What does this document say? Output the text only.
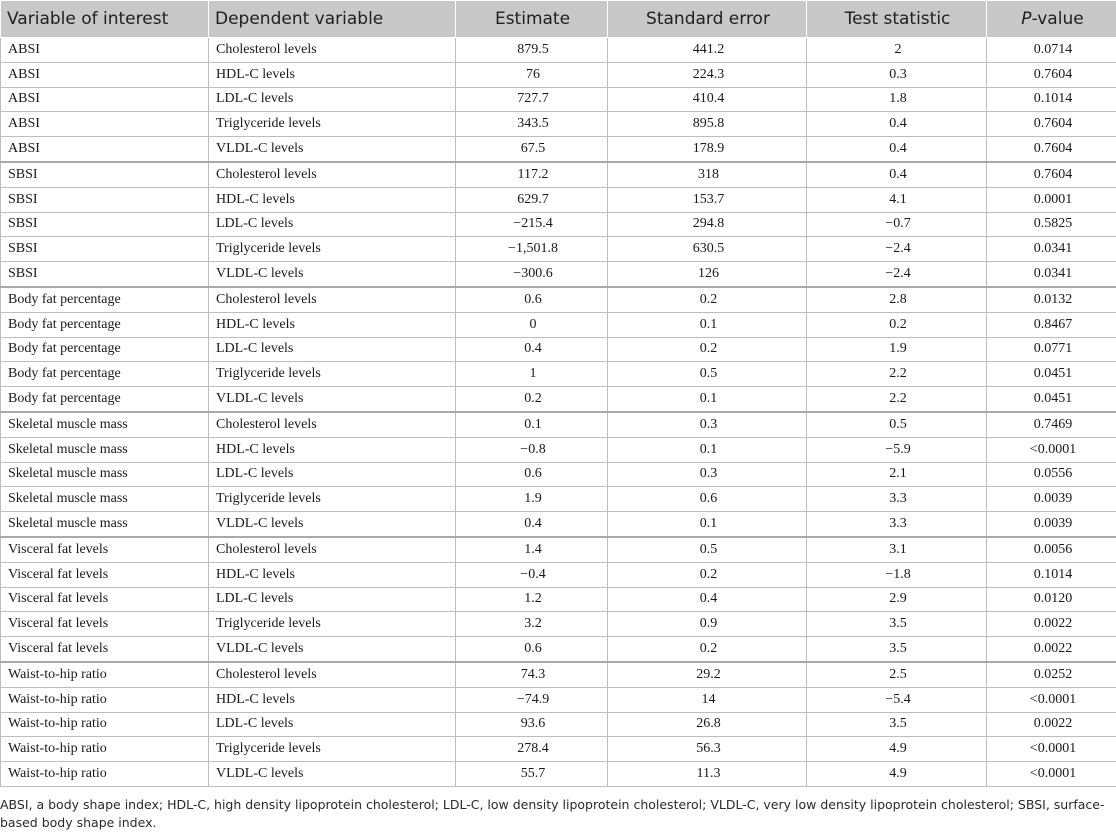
Variable of interest	Dependent variable	Estimate	Standard error	Test statistic	P-value
ABSI	Cholesterol levels	879.5	441.2	2	0.0714
ABSI	HDL-C levels	76	224.3	0.3	0.7604
ABSI	LDL-C levels	727.7	410.4	1.8	0.1014
ABSI	Triglyceride levels	343.5	895.8	0.4	0.7604
ABSI	VLDL-C levels	67.5	178.9	0.4	0.7604
SBSI	Cholesterol levels	117.2	318	0.4	0.7604
SBSI	HDL-C levels	629.7	153.7	4.1	0.0001
SBSI	LDL-C levels	−215.4	294.8	−0.7	0.5825
SBSI	Triglyceride levels	−1,501.8	630.5	−2.4	0.0341
SBSI	VLDL-C levels	−300.6	126	−2.4	0.0341
Body fat percentage	Cholesterol levels	0.6	0.2	2.8	0.0132
Body fat percentage	HDL-C levels	0	0.1	0.2	0.8467
Body fat percentage	LDL-C levels	0.4	0.2	1.9	0.0771
Body fat percentage	Triglyceride levels	1	0.5	2.2	0.0451
Body fat percentage	VLDL-C levels	0.2	0.1	2.2	0.0451
Skeletal muscle mass	Cholesterol levels	0.1	0.3	0.5	0.7469
Skeletal muscle mass	HDL-C levels	−0.8	0.1	−5.9	<0.0001
Skeletal muscle mass	LDL-C levels	0.6	0.3	2.1	0.0556
Skeletal muscle mass	Triglyceride levels	1.9	0.6	3.3	0.0039
Skeletal muscle mass	VLDL-C levels	0.4	0.1	3.3	0.0039
Visceral fat levels	Cholesterol levels	1.4	0.5	3.1	0.0056
Visceral fat levels	HDL-C levels	−0.4	0.2	−1.8	0.1014
Visceral fat levels	LDL-C levels	1.2	0.4	2.9	0.0120
Visceral fat levels	Triglyceride levels	3.2	0.9	3.5	0.0022
Visceral fat levels	VLDL-C levels	0.6	0.2	3.5	0.0022
Waist-to-hip ratio	Cholesterol levels	74.3	29.2	2.5	0.0252
Waist-to-hip ratio	HDL-C levels	−74.9	14	−5.4	<0.0001
Waist-to-hip ratio	LDL-C levels	93.6	26.8	3.5	0.0022
Waist-to-hip ratio	Triglyceride levels	278.4	56.3	4.9	<0.0001
Waist-to-hip ratio	VLDL-C levels	55.7	11.3	4.9	<0.0001
ABSI, a body shape index; HDL-C, high density lipoprotein cholesterol; LDL-C, low density lipoprotein cholesterol; VLDL-C, very low density lipoprotein cholesterol; SBSI, surface-based body shape index.
